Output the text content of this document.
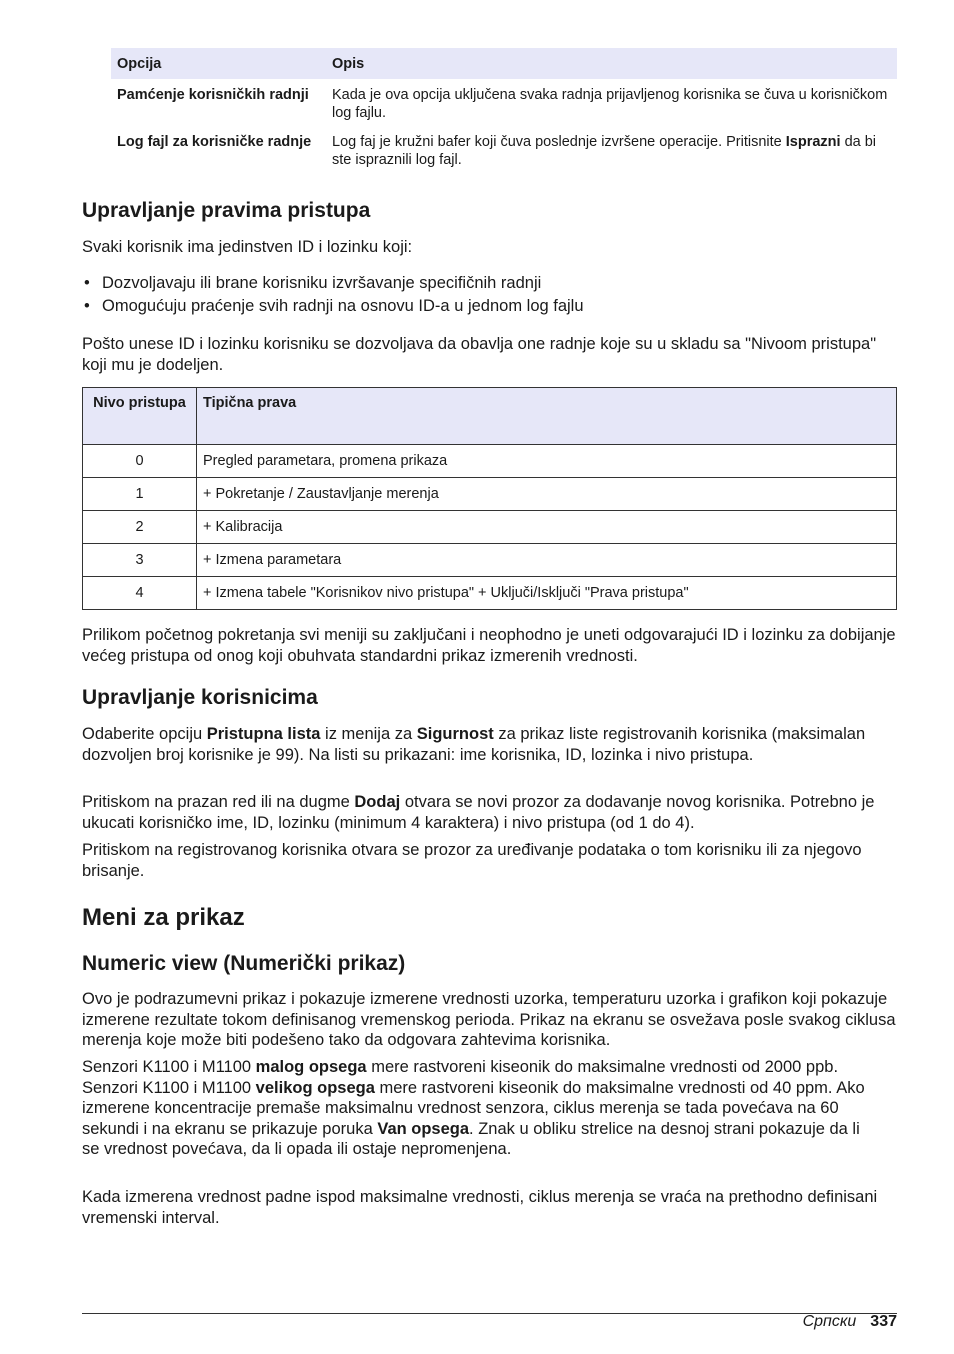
Opcija	Opis
Pamćenje korisničkih radnji	Kada je ova opcija uključena svaka radnja prijavljenog korisnika se čuva u korisničkom log fajlu.
Log fajl za korisničke radnje	Log faj je kružni bafer koji čuva poslednje izvršene operacije. Pritisnite Isprazni da bi ste ispraznili log fajl.
Upravljanje pravima pristupa

Svaki korisnik ima jedinstven ID i lozinku koji:

• Dozvoljavaju ili brane korisniku izvršavanje specifičnih radnji
• Omogućuju praćenje svih radnji na osnovu ID-a u jednom log fajlu

Pošto unese ID i lozinku korisniku se dozvoljava da obavlja one radnje koje su u skladu sa "Nivoom pristupa" koji mu je dodeljen.

Nivo pristupa	Tipična prava
0	Pregled parametara, promena prikaza
1	+ Pokretanje / Zaustavljanje merenja
2	+ Kalibracija
3	+ Izmena parametara
4	+ Izmena tabele "Korisnikov nivo pristupa" + Uključi/Isključi "Prava pristupa"

Prilikom početnog pokretanja svi meniji su zaključani i neophodno je uneti odgovarajući ID i lozinku za dobijanje većeg pristupa od onog koji obuhvata standardni prikaz izmerenih vrednosti.

Upravljanje korisnicima

Odaberite opciju Pristupna lista iz menija za Sigurnost za prikaz liste registrovanih korisnika (maksimalan dozvoljen broj korisnike je 99). Na listi su prikazani: ime korisnika, ID, lozinka i nivo pristupa.

Pritiskom na prazan red ili na dugme Dodaj otvara se novi prozor za dodavanje novog korisnika. Potrebno je ukucati korisničko ime, ID, lozinku (minimum 4 karaktera) i nivo pristupa (od 1 do 4).

Pritiskom na registrovanog korisnika otvara se prozor za uređivanje podataka o tom korisniku ili za njegovo brisanje.

Meni za prikaz
Numeric view (Numerički prikaz)

Ovo je podrazumevni prikaz i pokazuje izmerene vrednosti uzorka, temperaturu uzorka i grafikon koji pokazuje izmerene rezultate tokom definisanog vremenskog perioda. Prikaz na ekranu se osvežava posle svakog ciklusa merenja koje može biti podešeno tako da odgovara zahtevima korisnika.

Senzori K1100 i M1100 malog opsega mere rastvoreni kiseonik do maksimalne vrednosti od 2000 ppb. Senzori K1100 i M1100 velikog opsega mere rastvoreni kiseonik do maksimalne vrednosti od 40 ppm. Ako izmerene koncentracije premaše maksimalnu vrednost senzora, ciklus merenja se tada povećava na 60 sekundi i na ekranu se prikazuje poruka Van opsega. Znak u obliku strelice na desnoj strani pokazuje da li se vrednost povećava, da li opada ili ostaje nepromenjena.

Kada izmerena vrednost padne ispod maksimalne vrednosti, ciklus merenja se vraća na prethodno definisani vremenski interval.

Српски 337
